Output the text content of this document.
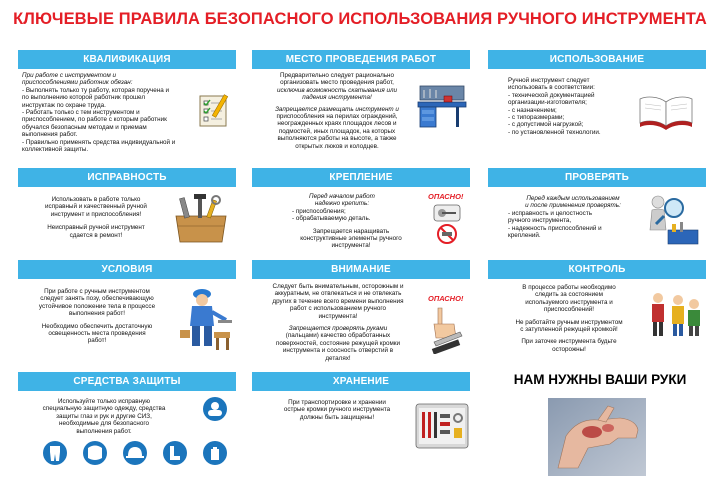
КЛЮЧЕВЫЕ ПРАВИЛА БЕЗОПАСНОГО ИСПОЛЬЗОВАНИЯ РУЧНОГО ИНСТРУМЕНТА
КВАЛИФИКАЦИЯ
При работе с инструментом и
приспособлениями работник обязан:
- Выполнять только ту работу, которая поручена и
по выполнению которой работник прошел
инструктаж по охране труда.
- Работать только с тем инструментом и
приспособлением, по работе с которым работник
обучался безопасным методам и приемам
выполнения работ.
- Правильно применять средства индивидуальной и
коллективной защиты.
МЕСТО ПРОВЕДЕНИЯ РАБОТ
Предварительно следует рационально
организовать место проведения работ,
исключив возможность скатывания или
падения инструмента!
Запрещается размещать инструмент и
приспособления на перилах ограждений,
неогражденных краях площадок лесов и
подмостей, иных площадок, на которых
выполняются работы на высоте, а также
открытых люков и колодцев.
ИСПОЛЬЗОВАНИЕ
Ручной инструмент следует
использовать в соответствии:
- технической документацией
организации-изготовителя;
- с назначением;
- с типоразмерами;
- с допустимой нагрузкой;
- по установленной технологии.
ИСПРАВНОСТЬ
Использовать в работе только
исправный и качественный ручной
инструмент и приспособления!
Неисправный ручной инструмент
сдается в ремонт!
КРЕПЛЕНИЕ
Перед началом работ
надежно крепить:
- приспособления;
- обрабатываемую деталь.
Запрещается наращивать
конструктивные элементы ручного
инструмента!
ОПАСНО!
ПРОВЕРЯТЬ
Перед каждым использованием
и после применения проверять:
- исправность и целостность
ручного инструмента,
- надежность приспособлений и
креплений.
УСЛОВИЯ
При работе с ручным инструментом
следует занять позу, обеспечивающую
устойчивое положение тела в процессе
выполнения работ!
Необходимо обеспечить достаточную
освещенность места проведения
работ!
ВНИМАНИЕ
Следует быть внимательным, осторожным и
аккуратным, не отвлекаться и не отвлекать
других в течение всего времени выполнения
работ с использованием ручного
инструмента!
Запрещается проверять руками
(пальцами) качество обработанных
поверхностей, состояние режущей кромки
инструмента и соосность отверстий в
деталях!
ОПАСНО!
КОНТРОЛЬ
В процессе работы необходимо
следить за состоянием
используемого инструмента и
приспособлений!
Не работайте ручным инструментом
с затупленной режущей кромкой!
При заточке инструмента будьте
осторожны!
СРЕДСТВА ЗАЩИТЫ
Используйте только исправную
специальную защитную одежду, средства
защиты глаз и рук и другие СИЗ,
необходимые для безопасного
выполнения работ.
ХРАНЕНИЕ
При транспортировке и хранении
острые кромки ручного инструмента
должны быть защищены!
НАМ НУЖНЫ ВАШИ РУКИ
